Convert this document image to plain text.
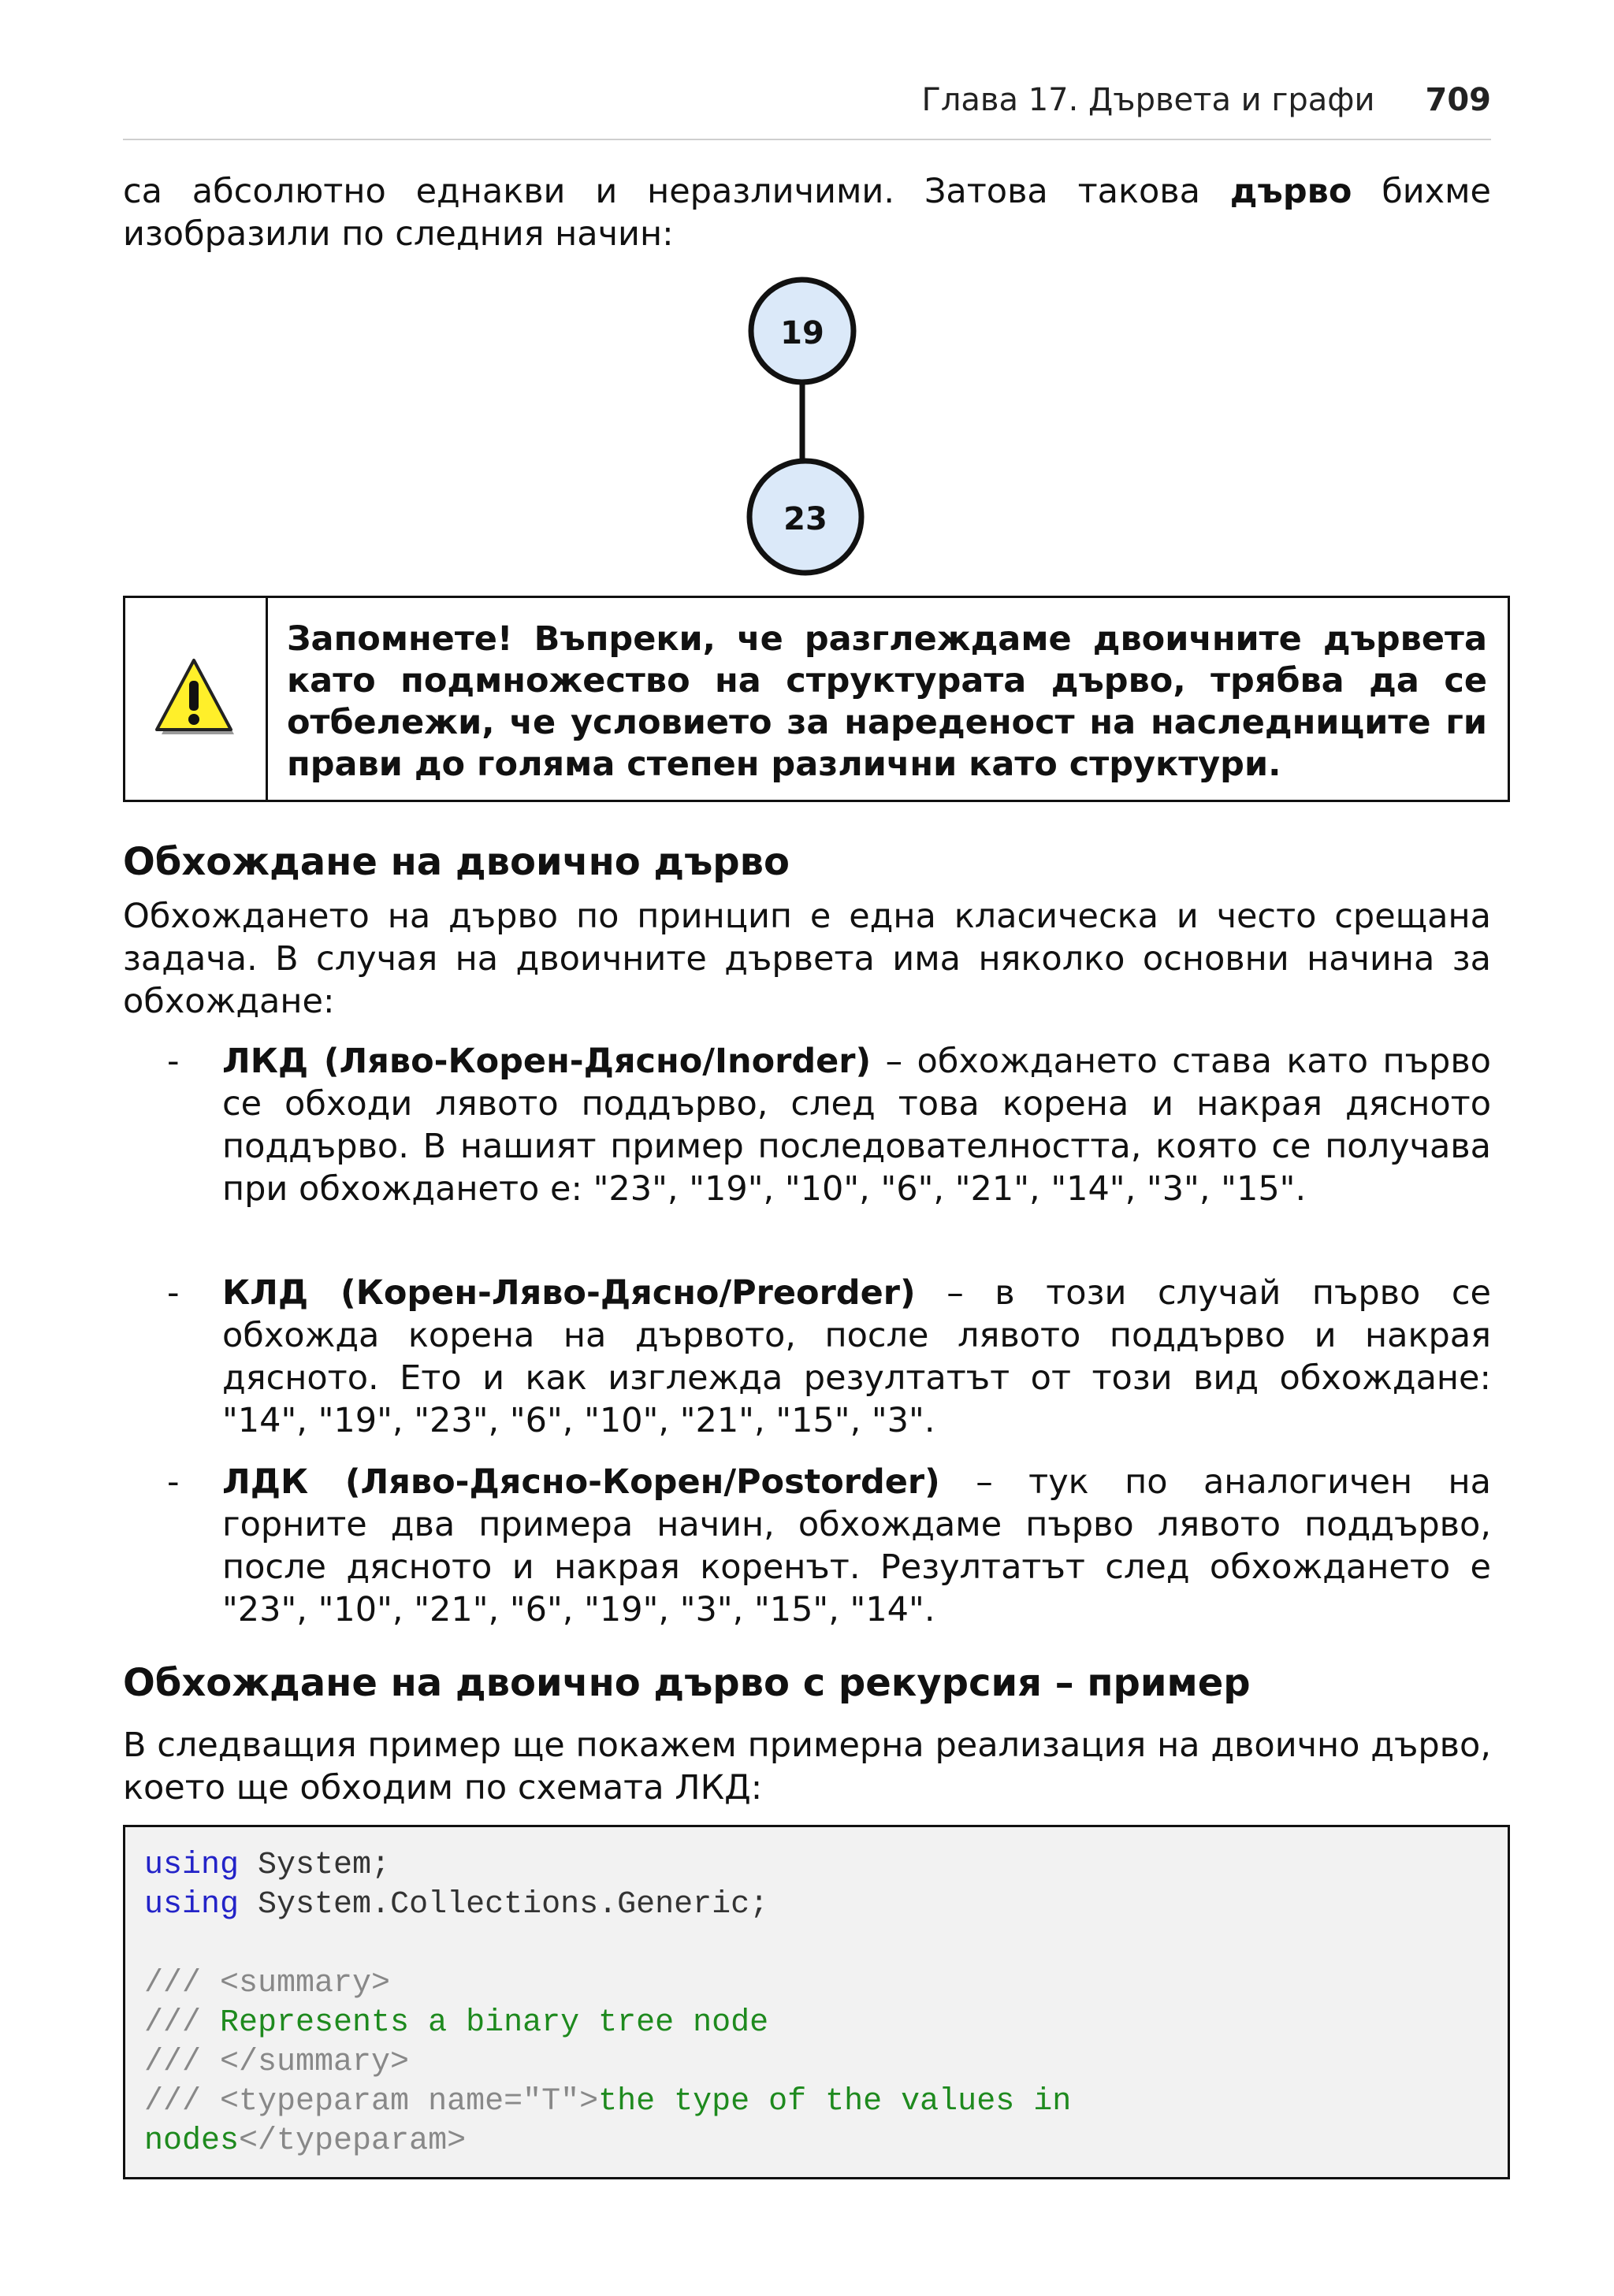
Глава 17. Дървета и графи 709

са абсолютно еднакви и неразличими. Затова такова дърво бихме изобразили по следния начин:

19
23
Запомнете! Въпреки, че разглеждаме двоичните дървета като подмножество на структурата дърво, трябва да се отбележи, че условието за нареденост на наследниците ги прави до голяма степен различни като структури.
Обхождане на двоично дърво

Обхождането на дърво по принцип е една класическа и често срещана задача. В случая на двоичните дървета има няколко основни начина за обхождане:

- ЛКД (Ляво-Корен-Дясно/Inorder) – обхождането става като първо се обходи лявото поддърво, след това корена и накрая дясното поддърво. В нашият пример последователността, която се получава при обхождането е: "23", "19", "10", "6", "21", "14", "3", "15".
- КЛД (Корен-Ляво-Дясно/Preorder) – в този случай първо се обхожда корена на дървото, после лявото поддърво и накрая дясното. Ето и как изглежда резултатът от този вид обхождане: "14", "19", "23", "6", "10", "21", "15", "3".
- ЛДК (Ляво-Дясно-Корен/Postorder) – тук по аналогичен на горните два примера начин, обхождаме първо лявото поддърво, после дясното и накрая коренът. Резултатът след обхождането е "23", "10", "21", "6", "19", "3", "15", "14".
Обхождане на двоично дърво с рекурсия – пример

В следващия пример ще покажем примерна реализация на двоично дърво, което ще обходим по схемата ЛКД:

using System;
using System.Collections.Generic;

/// <summary>
/// Represents a binary tree node
/// </summary>
/// <typeparam name="T">the type of the values in
nodes</typeparam>
